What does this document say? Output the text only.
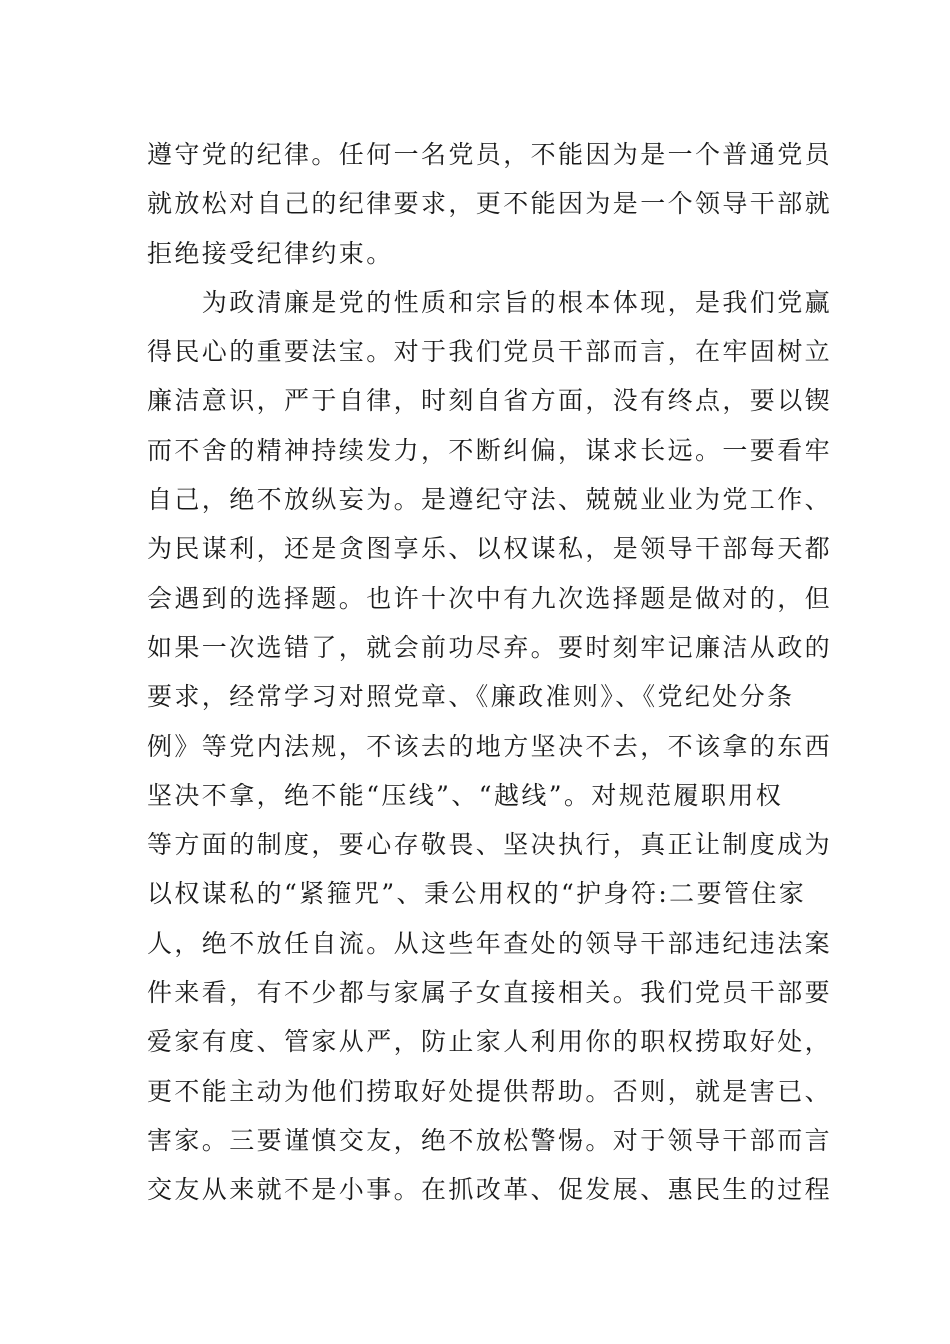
遵守党的纪律。任何一名党员，不能因为是一个普通党员
就放松对自己的纪律要求，更不能因为是一个领导干部就
拒绝接受纪律约束。
　　为政清廉是党的性质和宗旨的根本体现，是我们党赢
得民心的重要法宝。对于我们党员干部而言，在牢固树立
廉洁意识，严于自律，时刻自省方面，没有终点，要以锲
而不舍的精神持续发力，不断纠偏，谋求长远。一要看牢
自己，绝不放纵妄为。是遵纪守法、兢兢业业为党工作、
为民谋利，还是贪图享乐、以权谋私，是领导干部每天都
会遇到的选择题。也许十次中有九次选择题是做对的，但
如果一次选错了，就会前功尽弃。要时刻牢记廉洁从政的
要求，经常学习对照党章、《廉政准则》、《党纪处分条
例》等党内法规，不该去的地方坚决不去，不该拿的东西
坚决不拿，绝不能“压线”、“越线”。对规范履职用权
等方面的制度，要心存敬畏、坚决执行，真正让制度成为
以权谋私的“紧箍咒”、秉公用权的“护身符:二要管住家
人，绝不放任自流。从这些年查处的领导干部违纪违法案
件来看，有不少都与家属子女直接相关。我们党员干部要
爱家有度、管家从严，防止家人利用你的职权捞取好处，
更不能主动为他们捞取好处提供帮助。否则，就是害已、
害家。三要谨慎交友，绝不放松警惕。对于领导干部而言
交友从来就不是小事。在抓改革、促发展、惠民生的过程
